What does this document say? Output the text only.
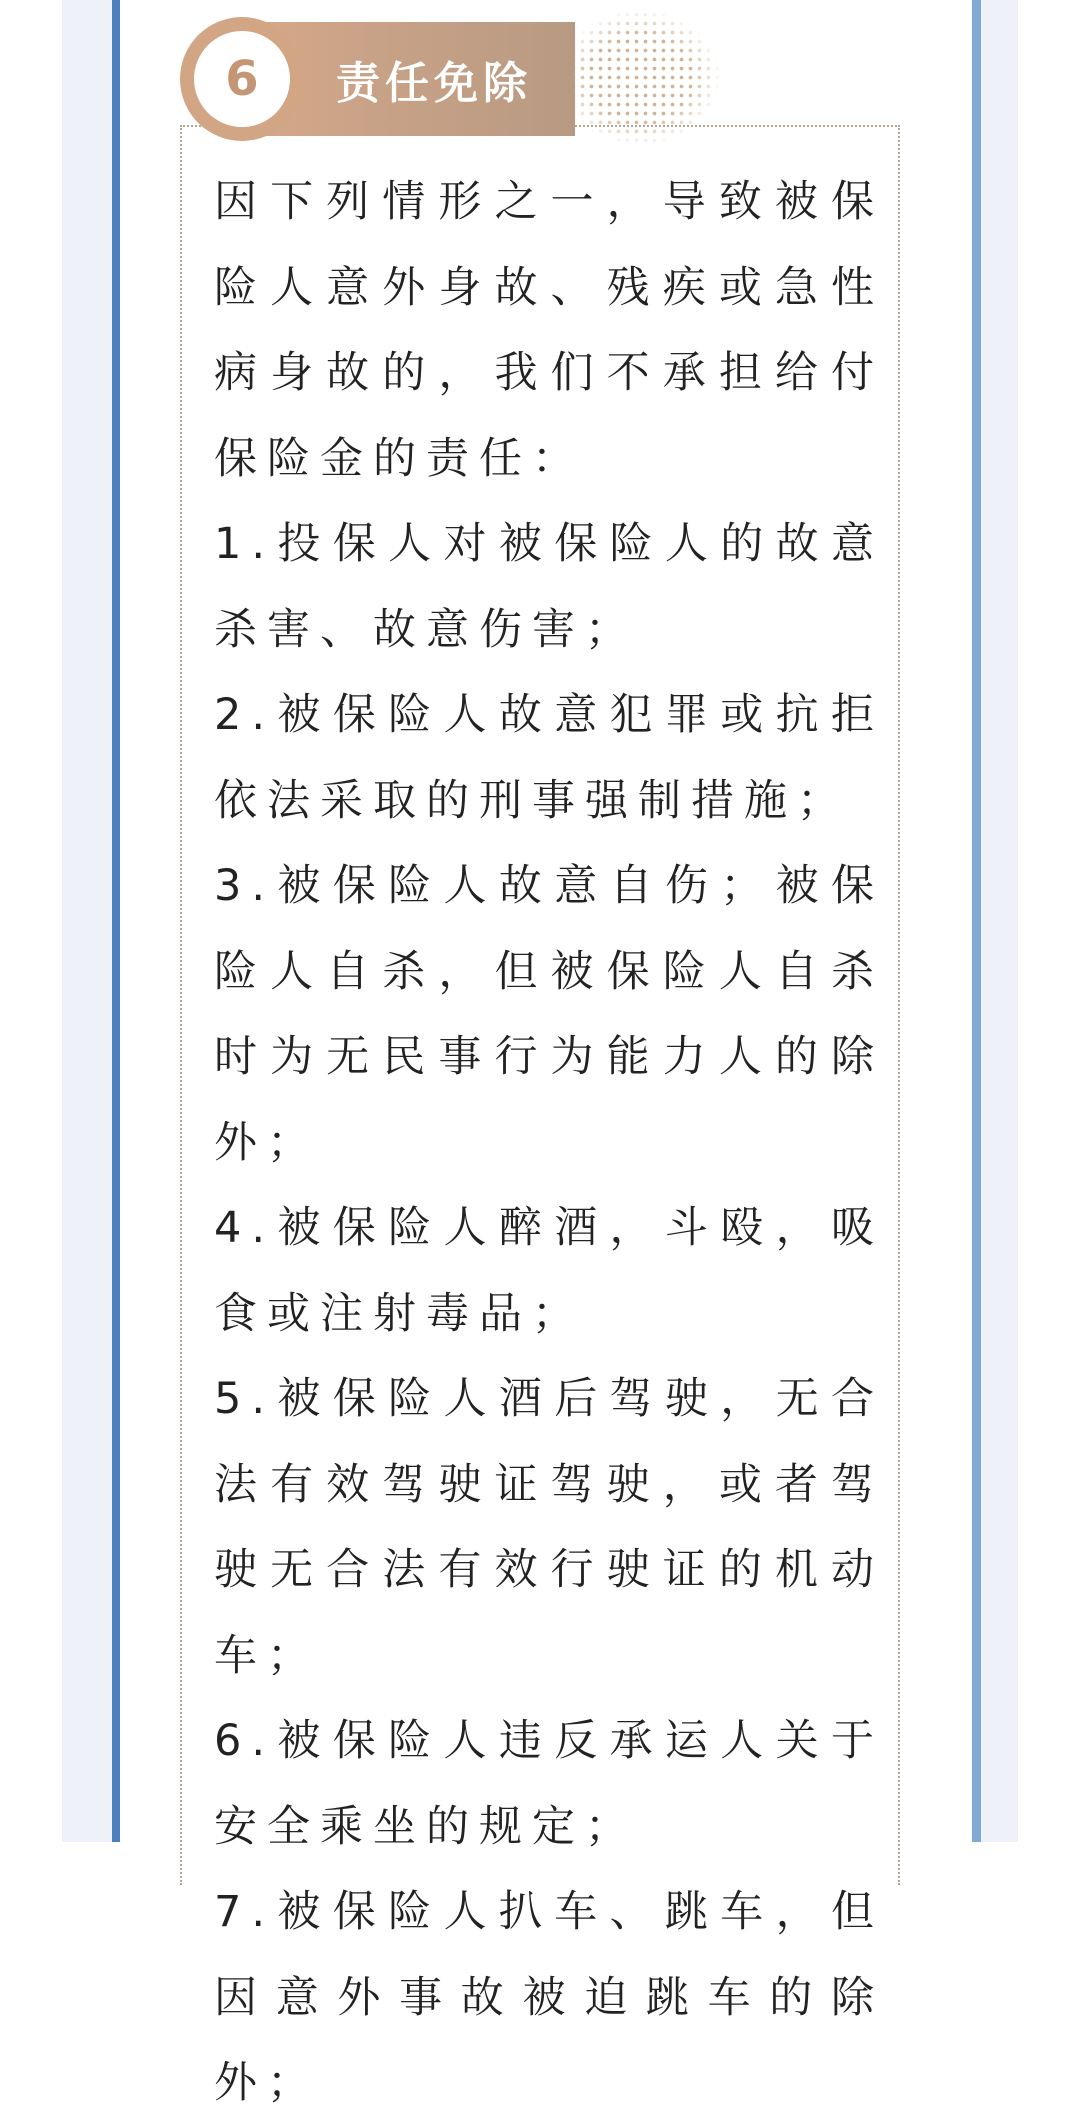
6	责任免除

因下列情形之一，导致被保险人意外身故、残疾或急性病身故的，我们不承担给付保险金的责任：

1.投保人对被保险人的故意杀害、故意伤害；

2.被保险人故意犯罪或抗拒依法采取的刑事强制措施；

3.被保险人故意自伤；被保险人自杀，但被保险人自杀时为无民事行为能力人的除外；

4.被保险人醉酒，斗殴，吸食或注射毒品；

5.被保险人酒后驾驶，无合法有效驾驶证驾驶，或者驾驶无合法有效行驶证的机动车；

6.被保险人违反承运人关于安全乘坐的规定；

7.被保险人扒车、跳车，但因意外事故被迫跳车的除外；
